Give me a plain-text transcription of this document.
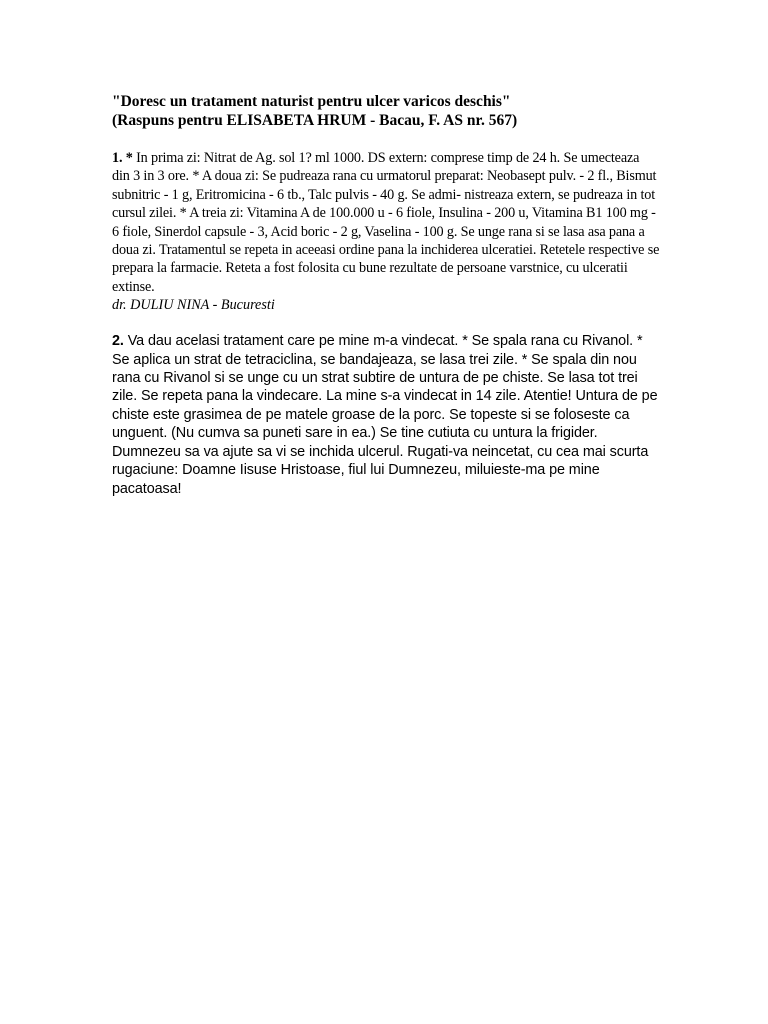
"Doresc un tratament naturist pentru ulcer varicos deschis"

(Raspuns pentru ELISABETA HRUM - Bacau, F. AS nr. 567)

1. * In prima zi: Nitrat de Ag. sol 1? ml 1000. DS extern: comprese timp de 24 h. Se umecteaza din 3 in 3 ore. * A doua zi: Se pudreaza rana cu urmatorul preparat: Neobasept pulv. - 2 fl., Bismut subnitric - 1 g, Eritromicina - 6 tb., Talc pulvis - 40 g. Se admi- nistreaza extern, se pudreaza in tot cursul zilei. * A treia zi: Vitamina A de 100.000 u - 6 fiole, Insulina - 200 u, Vitamina B1 100 mg - 6 fiole, Sinerdol capsule - 3, Acid boric - 2 g, Vaselina - 100 g. Se unge rana si se lasa asa pana a doua zi. Tratamentul se repeta in aceeasi ordine pana la inchiderea ulceratiei. Retetele respective se prepara la farmacie. Reteta a fost folosita cu bune rezultate de persoane varstnice, cu ulceratii extinse.

dr. DULIU NINA - Bucuresti

2. Va dau acelasi tratament care pe mine m-a vindecat. * Se spala rana cu Rivanol. * Se aplica un strat de tetraciclina, se bandajeaza, se lasa trei zile. * Se spala din nou rana cu Rivanol si se unge cu un strat subtire de untura de pe chiste. Se lasa tot trei zile. Se repeta pana la vindecare. La mine s-a vindecat in 14 zile. Atentie! Untura de pe chiste este grasimea de pe matele groase de la porc. Se topeste si se foloseste ca unguent. (Nu cumva sa puneti sare in ea.) Se tine cutiuta cu untura la frigider.

Dumnezeu sa va ajute sa vi se inchida ulcerul. Rugati-va neincetat, cu cea mai scurta rugaciune: Doamne Iisuse Hristoase, fiul lui Dumnezeu, miluieste-ma pe mine pacatoasa!
